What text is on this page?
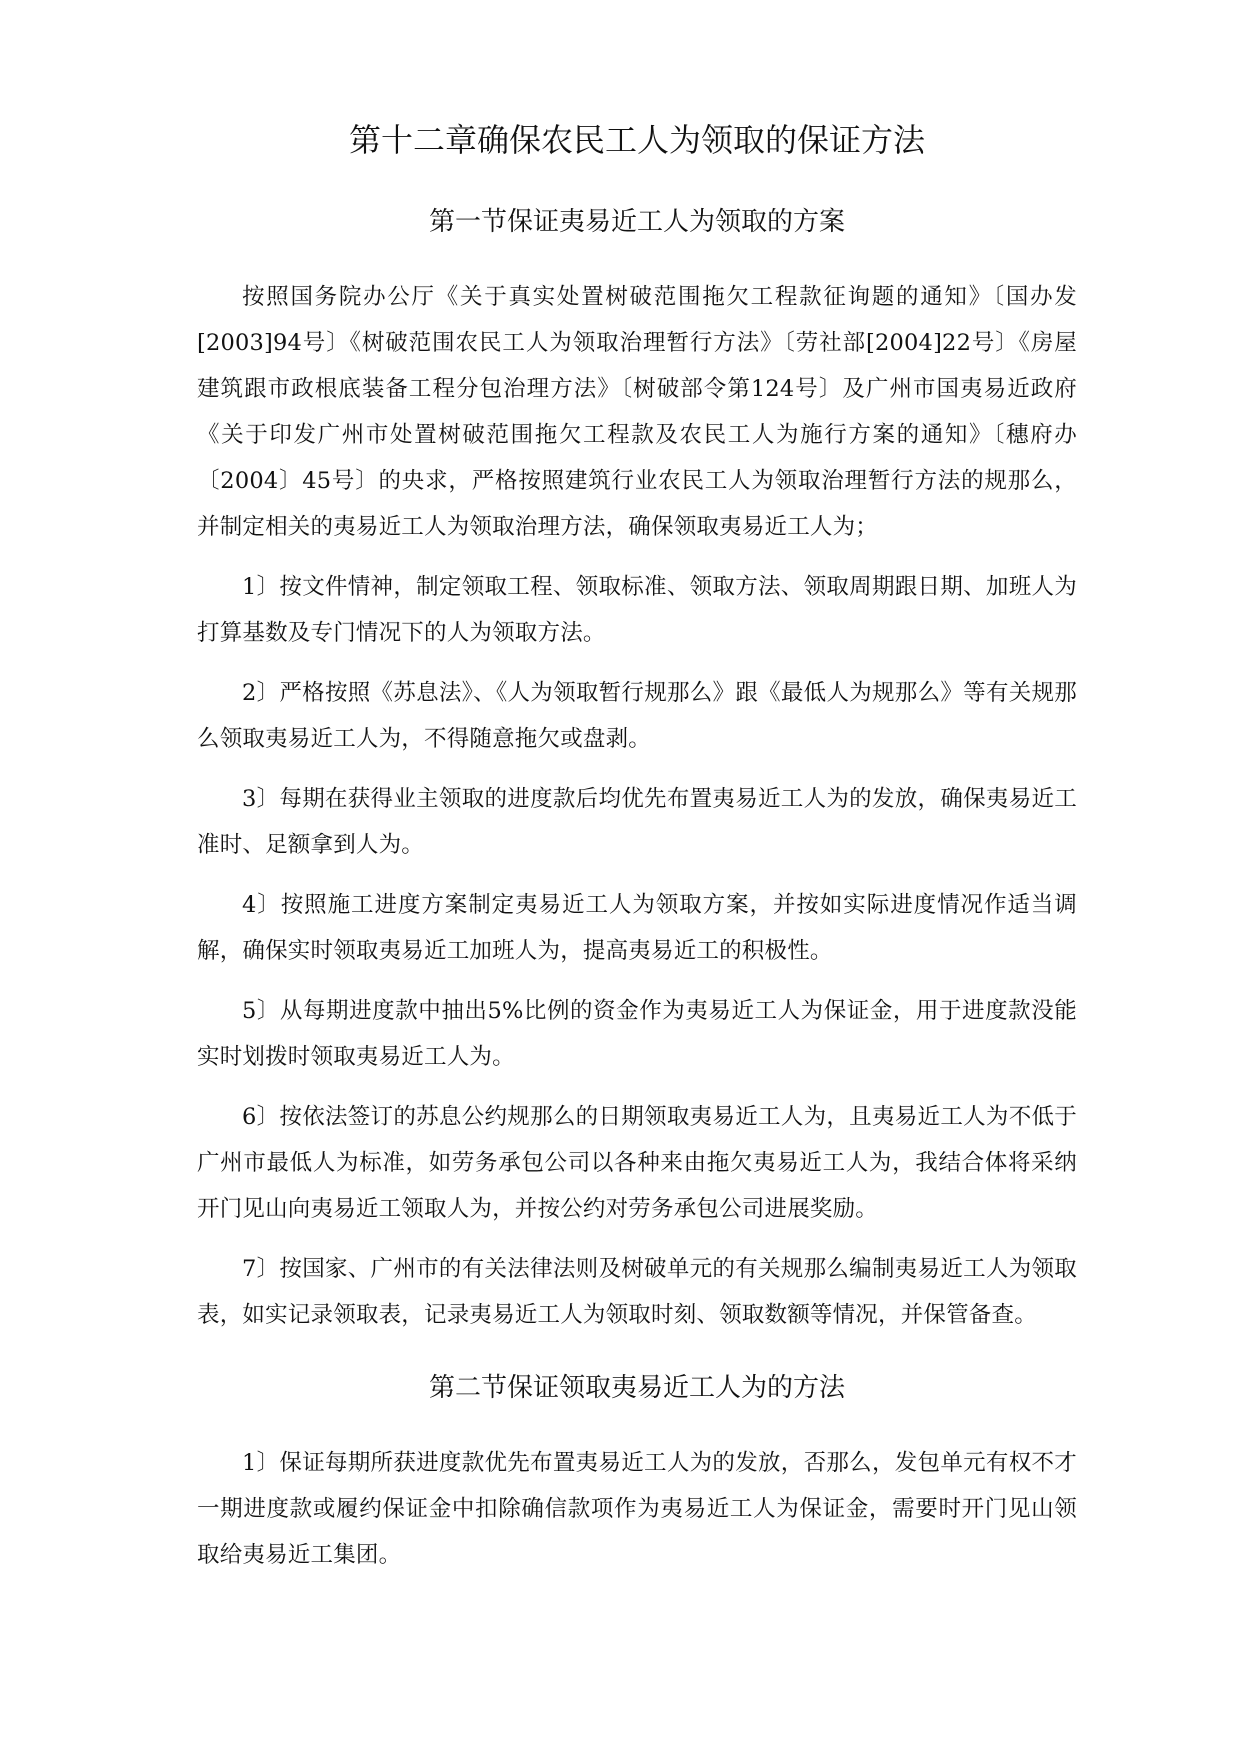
第十二章确保农民工人为领取的保证方法
第一节保证夷易近工人为领取的方案

按照国务院办公厅《关于真实处置树破范围拖欠工程款征询题的通知》〔国办发[2003]94号〕《树破范围农民工人为领取治理暂行方法》〔劳社部[2004]22号〕《房屋建筑跟市政根底装备工程分包治理方法》〔树破部令第124号〕及广州市国夷易近政府《关于印发广州市处置树破范围拖欠工程款及农民工人为施行方案的通知》〔穗府办〔2004〕45号〕的央求，严格按照建筑行业农民工人为领取治理暂行方法的规那么，并制定相关的夷易近工人为领取治理方法，确保领取夷易近工人为；

1〕按文件情神，制定领取工程、领取标准、领取方法、领取周期跟日期、加班人为打算基数及专门情况下的人为领取方法。

2〕严格按照《苏息法》、《人为领取暂行规那么》跟《最低人为规那么》等有关规那么领取夷易近工人为，不得随意拖欠或盘剥。

3〕每期在获得业主领取的进度款后均优先布置夷易近工人为的发放，确保夷易近工准时、足额拿到人为。

4〕按照施工进度方案制定夷易近工人为领取方案，并按如实际进度情况作适当调解，确保实时领取夷易近工加班人为，提高夷易近工的积极性。

5〕从每期进度款中抽出5%比例的资金作为夷易近工人为保证金，用于进度款没能实时划拨时领取夷易近工人为。

6〕按依法签订的苏息公约规那么的日期领取夷易近工人为，且夷易近工人为不低于广州市最低人为标准，如劳务承包公司以各种来由拖欠夷易近工人为，我结合体将采纳开门见山向夷易近工领取人为，并按公约对劳务承包公司进展奖励。

7〕按国家、广州市的有关法律法则及树破单元的有关规那么编制夷易近工人为领取表，如实记录领取表，记录夷易近工人为领取时刻、领取数额等情况，并保管备查。

第二节保证领取夷易近工人为的方法

1〕保证每期所获进度款优先布置夷易近工人为的发放，否那么，发包单元有权不才一期进度款或履约保证金中扣除确信款项作为夷易近工人为保证金，需要时开门见山领取给夷易近工集团。
